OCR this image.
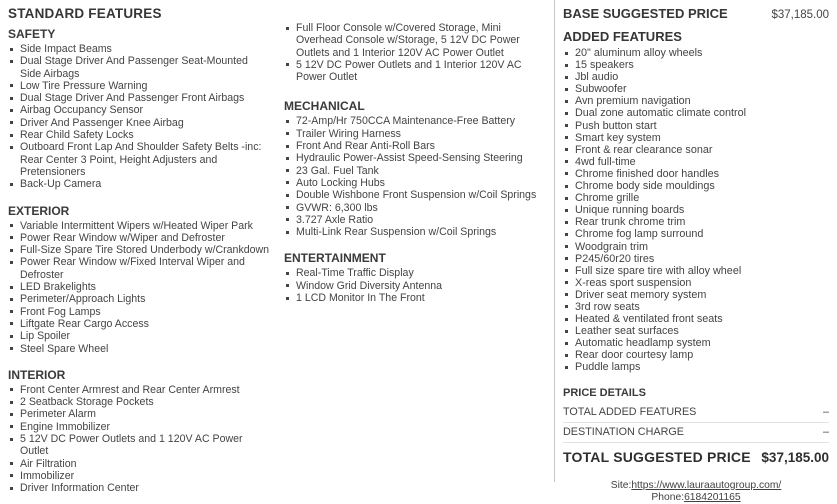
STANDARD FEATURES
SAFETY
Side Impact Beams
Dual Stage Driver And Passenger Seat-Mounted Side Airbags
Low Tire Pressure Warning
Dual Stage Driver And Passenger Front Airbags
Airbag Occupancy Sensor
Driver And Passenger Knee Airbag
Rear Child Safety Locks
Outboard Front Lap And Shoulder Safety Belts -inc: Rear Center 3 Point, Height Adjusters and Pretensioners
Back-Up Camera
EXTERIOR
Variable Intermittent Wipers w/Heated Wiper Park
Power Rear Window w/Wiper and Defroster
Full-Size Spare Tire Stored Underbody w/Crankdown
Power Rear Window w/Fixed Interval Wiper and Defroster
LED Brakelights
Perimeter/Approach Lights
Front Fog Lamps
Liftgate Rear Cargo Access
Lip Spoiler
Steel Spare Wheel
INTERIOR
Front Center Armrest and Rear Center Armrest
2 Seatback Storage Pockets
Perimeter Alarm
Engine Immobilizer
5 12V DC Power Outlets and 1 120V AC Power Outlet
Air Filtration
Immobilizer
Driver Information Center
Full Floor Console w/Covered Storage, Mini Overhead Console w/Storage, 5 12V DC Power Outlets and 1 Interior 120V AC Power Outlet
5 12V DC Power Outlets and 1 Interior 120V AC Power Outlet
MECHANICAL
72-Amp/Hr 750CCA Maintenance-Free Battery
Trailer Wiring Harness
Front And Rear Anti-Roll Bars
Hydraulic Power-Assist Speed-Sensing Steering
23 Gal. Fuel Tank
Auto Locking Hubs
Double Wishbone Front Suspension w/Coil Springs
GVWR: 6,300 lbs
3.727 Axle Ratio
Multi-Link Rear Suspension w/Coil Springs
ENTERTAINMENT
Real-Time Traffic Display
Window Grid Diversity Antenna
1 LCD Monitor In The Front
BASE SUGGESTED PRICE	$37,185.00
ADDED FEATURES
20" aluminum alloy wheels
15 speakers
Jbl audio
Subwoofer
Avn premium navigation
Dual zone automatic climate control
Push button start
Smart key system
Front & rear clearance sonar
4wd full-time
Chrome finished door handles
Chrome body side mouldings
Chrome grille
Unique running boards
Rear trunk chrome trim
Chrome fog lamp surround
Woodgrain trim
P245/60r20 tires
Full size spare tire with alloy wheel
X-reas sport suspension
Driver seat memory system
3rd row seats
Heated & ventilated front seats
Leather seat surfaces
Automatic headlamp system
Rear door courtesy lamp
Puddle lamps
PRICE DETAILS
TOTAL ADDED FEATURES	–
DESTINATION CHARGE	–
TOTAL SUGGESTED PRICE $37,185.00
Site:https://www.lauraautogroup.com/
Phone:6184201165
